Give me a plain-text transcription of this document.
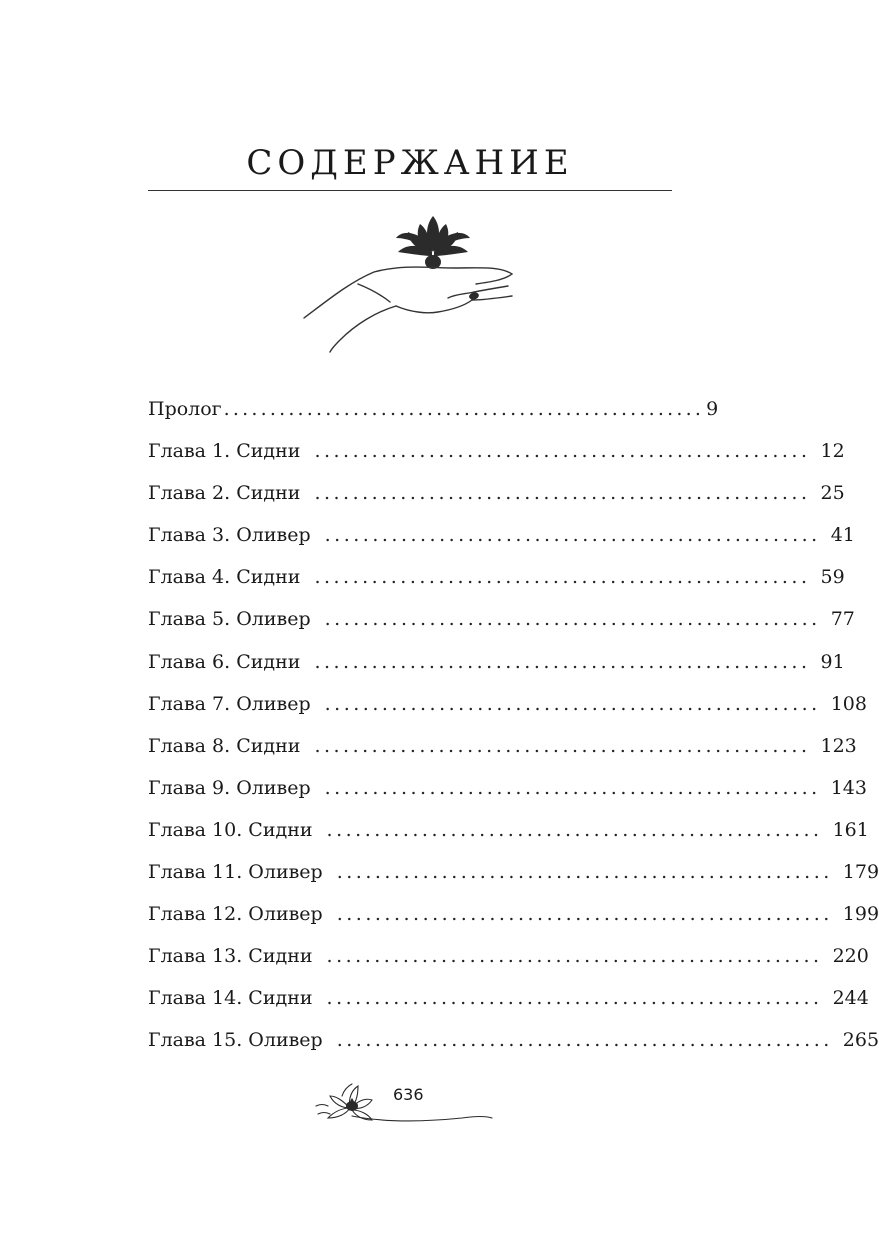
СОДЕРЖАНИЕ
Пролог .................................................... 9
Глава 1. Сидни .................................................... 12
Глава 2. Сидни .................................................... 25
Глава 3. Оливер .................................................... 41
Глава 4. Сидни .................................................... 59
Глава 5. Оливер .................................................... 77
Глава 6. Сидни .................................................... 91
Глава 7. Оливер .................................................... 108
Глава 8. Сидни .................................................... 123
Глава 9. Оливер .................................................... 143
Глава 10. Сидни .................................................... 161
Глава 11. Оливер .................................................... 179
Глава 12. Оливер .................................................... 199
Глава 13. Сидни .................................................... 220
Глава 14. Сидни .................................................... 244
Глава 15. Оливер .................................................... 265
636
